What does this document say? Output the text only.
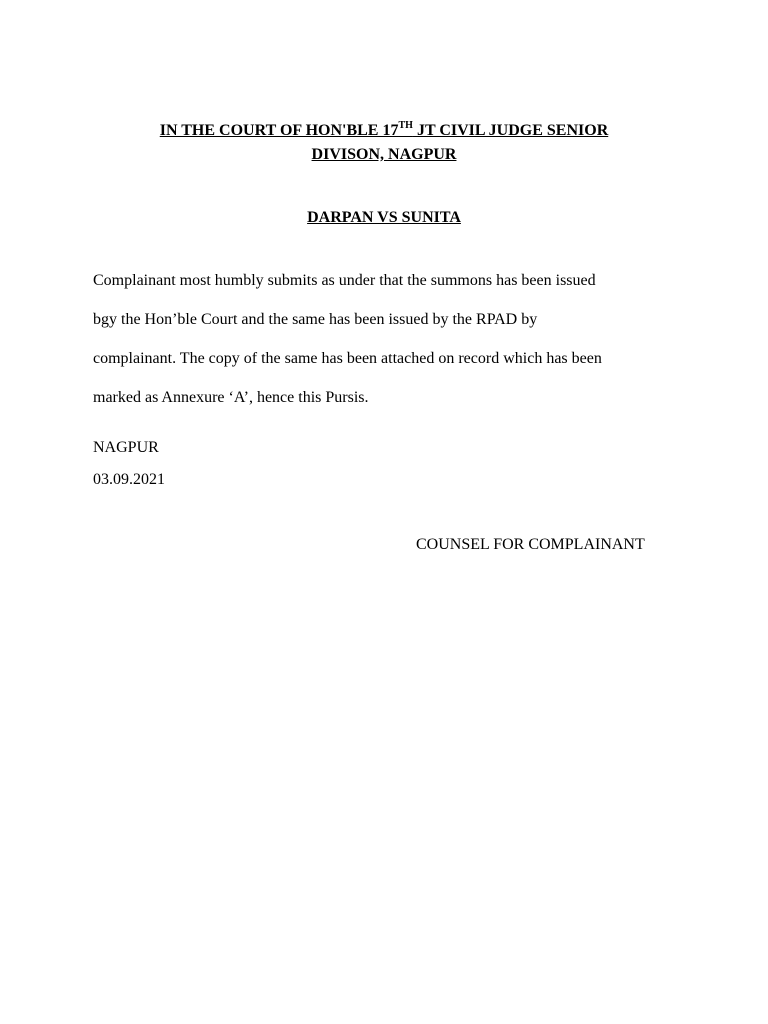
IN THE COURT OF HON'BLE 17TH JT CIVIL JUDGE SENIOR
DIVISON, NAGPUR
DARPAN VS SUNITA
Complainant most humbly submits as under that the summons has been issued
bgy the Hon’ble Court and the same has been issued by the RPAD by
complainant. The copy of the same has been attached on record which has been
marked as Annexure ‘A’, hence this Pursis.
NAGPUR
03.09.2021
COUNSEL FOR COMPLAINANT
